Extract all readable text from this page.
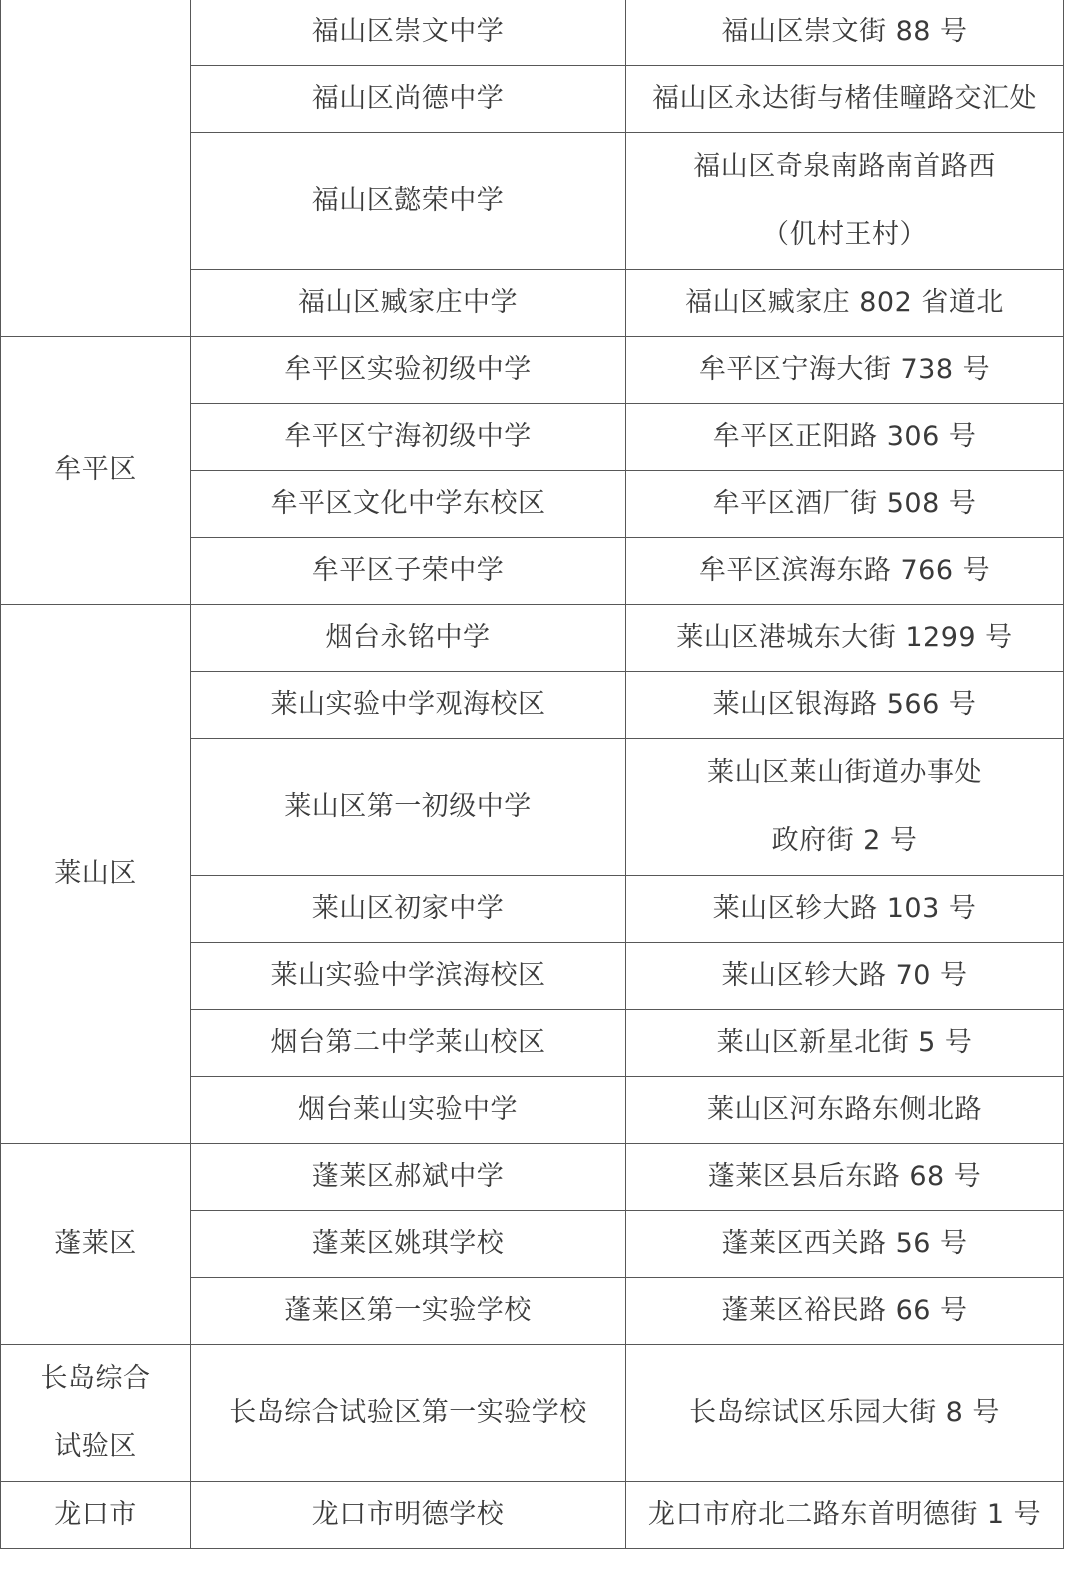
	福山区崇文中学	福山区崇文街 88 号
	福山区尚德中学	福山区永达街与楮佳疃路交汇处
	福山区懿荣中学	福山区奇泉南路南首路西
（仉村王村）

	福山区臧家庄中学	福山区臧家庄 802 省道北
牟平区	牟平区实验初级中学	牟平区宁海大街 738 号
	牟平区宁海初级中学	牟平区正阳路 306 号
	牟平区文化中学东校区	牟平区酒厂街 508 号
	牟平区子荣中学	牟平区滨海东路 766 号
莱山区	烟台永铭中学	莱山区港城东大街 1299 号
	莱山实验中学观海校区	莱山区银海路 566 号
	莱山区第一初级中学	莱山区莱山街道办事处
政府街 2 号

	莱山区初家中学	莱山区轸大路 103 号
	莱山实验中学滨海校区	莱山区轸大路 70 号
	烟台第二中学莱山校区	莱山区新星北街 5 号
	烟台莱山实验中学	莱山区河东路东侧北路
蓬莱区	蓬莱区郝斌中学	蓬莱区县后东路 68 号
	蓬莱区姚琪学校	蓬莱区西关路 56 号
	蓬莱区第一实验学校	蓬莱区裕民路 66 号

长岛综合
试验区	长岛综合试验区第一实验学校	长岛综试区乐园大街 8 号
龙口市	龙口市明德学校	龙口市府北二路东首明德街 1 号
